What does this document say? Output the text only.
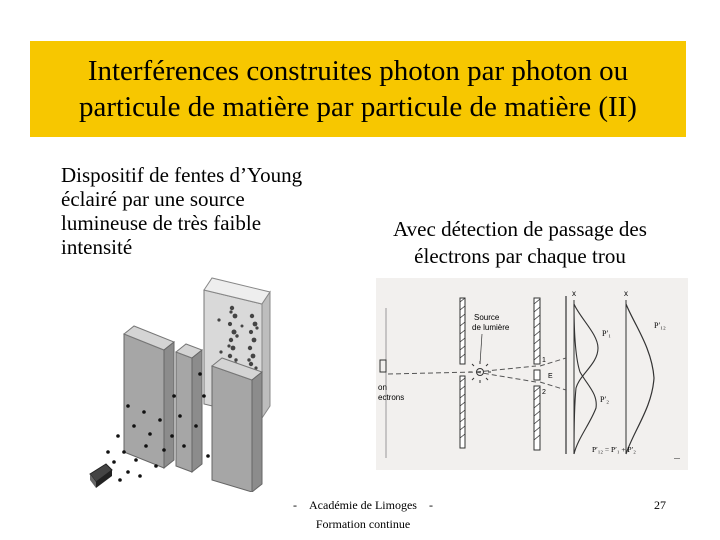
Interférences construites photon par photon ou
particule de matière par particule de matière (II)
Dispositif de fentes d’Young
éclairé par une source
lumineuse de très faible
intensité
Avec détection de passage des
électrons par chaque trou
Source
de lumière
on
ectrons
1
2
E
x	x
P′₁
P′₂
P′₁₂
P′₁₂ = P′₁ + P′₂
—
- Académie de Limoges -
Formation continue
27
